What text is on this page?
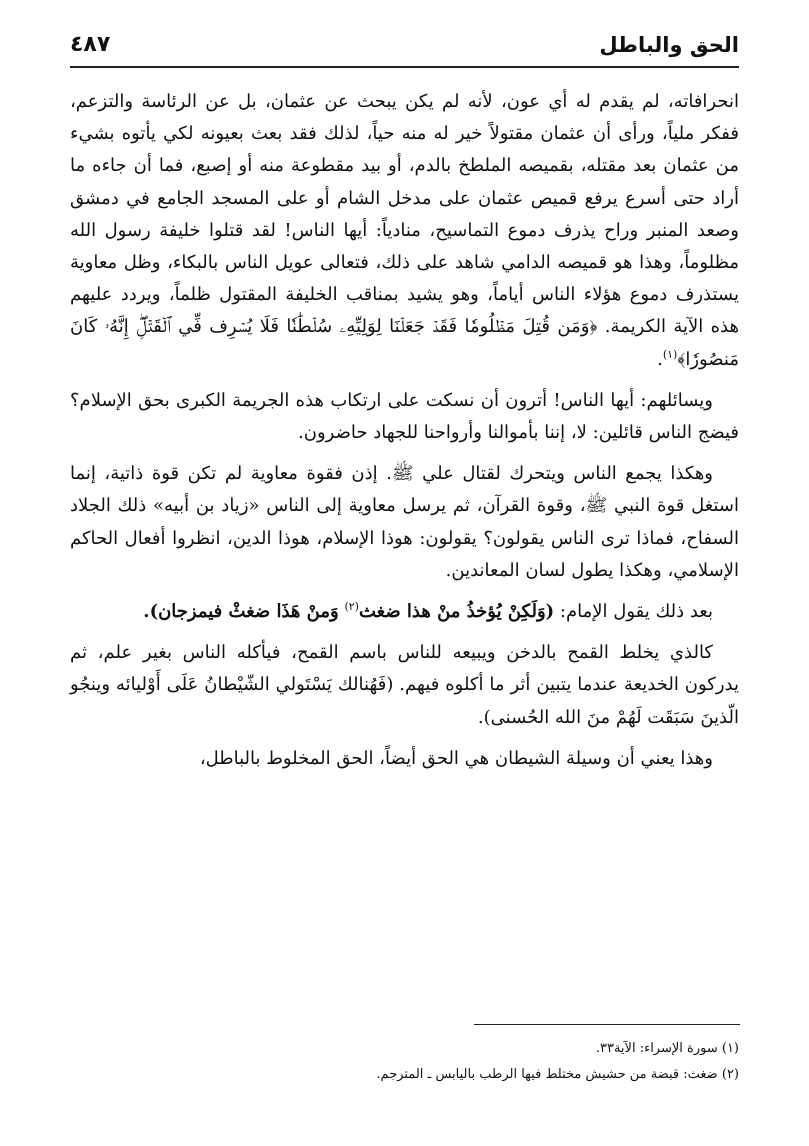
الحق والباطل
٤٨٧

انحرافاته، لم يقدم له أي عون، لأنه لم يكن يبحث عن عثمان، بل عن الرئاسة والتزعم، ففكر ملياً، ورأى أن عثمان مقتولاً خير له منه حياً، لذلك فقد بعث بعيونه لكي يأتوه بشيء من عثمان بعد مقتله، بقميصه الملطخ بالدم، أو بيد مقطوعة منه أو إصبع، فما أن جاءه ما أراد حتى أسرع يرفع قميص عثمان على مدخل الشام أو على المسجد الجامع في دمشق وصعد المنبر وراح يذرف دموع التماسيح، منادياً: أيها الناس! لقد قتلوا خليفة رسول الله مظلوماً، وهذا هو قميصه الدامي شاهد على ذلك، فتعالى عويل الناس بالبكاء، وظل معاوية يستذرف دموع هؤلاء الناس أياماً، وهو يشيد بمناقب الخليفة المقتول ظلماً، ويردد عليهم هذه الآية الكريمة. ﴿وَمَن قُتِلَ مَظۡلُومٗا فَقَدۡ جَعَلۡنَا لِوَلِيِّهِۦ سُلۡطَٰنٗا فَلَا يُسۡرِف فِّي ٱلۡقَتۡلِۖ إِنَّهُۥ كَانَ مَنصُورٗا﴾$^{(١)}$.

ويسائلهم: أيها الناس! أترون أن نسكت على ارتكاب هذه الجريمة الكبرى بحق الإسلام؟ فيضج الناس قائلين: لا، إننا بأموالنا وأرواحنا للجهاد حاضرون.

وهكذا يجمع الناس ويتحرك لقتال علي ﷺ. إذن فقوة معاوية لم تكن قوة ذاتية، إنما استغل قوة النبي ﷺ، وقوة القرآن، ثم يرسل معاوية إلى الناس «زياد بن أبيه» ذلك الجلاد السفاح، فماذا ترى الناس يقولون؟ يقولون: هوذا الإسلام، هوذا الدين، انظروا أفعال الحاكم الإسلامي، وهكذا يطول لسان المعاندين.

بعد ذلك يقول الإمام: (وَلَكِنْ يُؤخذُ منْ هذا ضغث$^{(٢)}$ وَمنْ هَذَا ضغثْ فيمزجان).

كالذي يخلط القمح بالدخن ويبيعه للناس باسم القمح، فيأكله الناس بغير علم، ثم يدركون الخديعة عندما يتبين أثر ما أكلوه فيهم. (فَهُنالك يَسْتَولي الشّيْطانُ عَلَى أَوْليائه وينجُو الّذينَ سَبَقَت لَهُمْ منَ الله الحُسنى).

وهذا يعني أن وسيلة الشيطان هي الحق أيضاً، الحق المخلوط بالباطل،

(١) سورة الإسراء: الآية٣٣.

(٢) ضغث: قبضة من حشيش مختلط فيها الرطب باليابس ـ المترجم.
